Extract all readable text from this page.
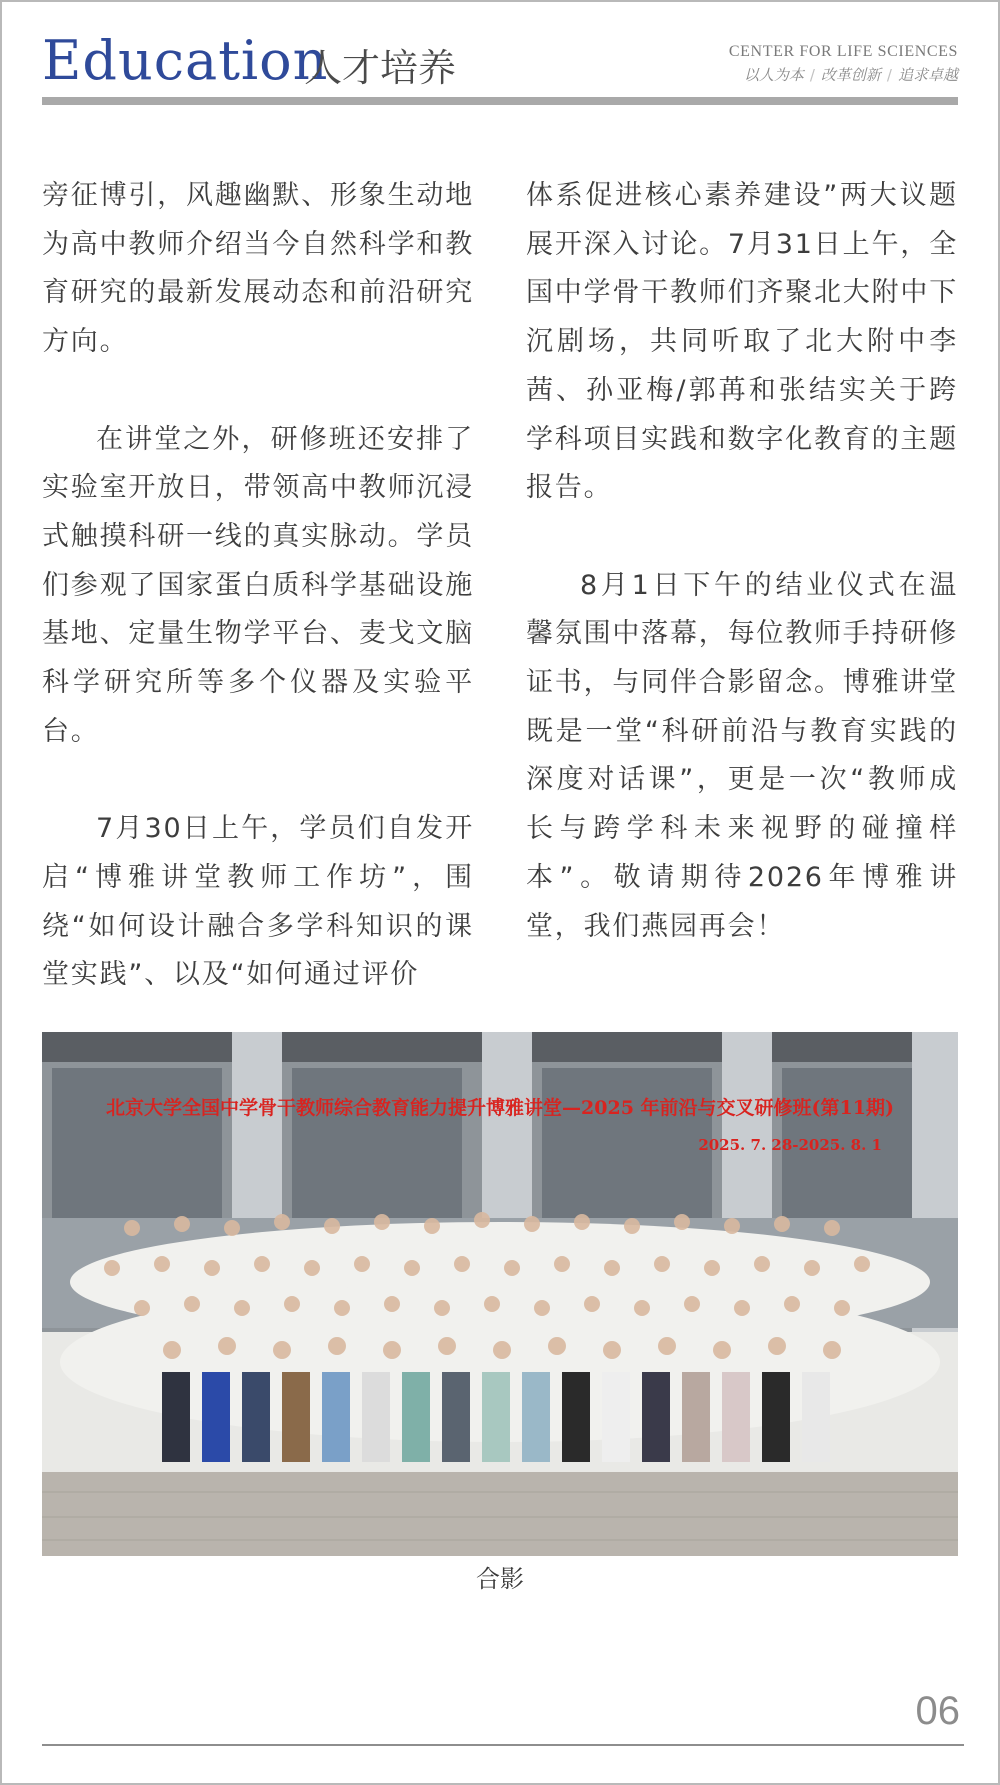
Education
人才培养	CENTER FOR LIFE SCIENCES
以人为本 / 改革创新 / 追求卓越

旁征博引，风趣幽默、形象生动地为高中教师介绍当今自然科学和教育研究的最新发展动态和前沿研究方向。

在讲堂之外，研修班还安排了实验室开放日，带领高中教师沉浸式触摸科研一线的真实脉动。学员们参观了国家蛋白质科学基础设施基地、定量生物学平台、麦戈文脑科学研究所等多个仪器及实验平台。

7月30日上午，学员们自发开启“博雅讲堂教师工作坊”，围绕“如何设计融合多学科知识的课堂实践”、以及“如何通过评价

体系促进核心素养建设”两大议题展开深入讨论。7月31日上午，全国中学骨干教师们齐聚北大附中下沉剧场，共同听取了北大附中李茜、孙亚梅/郭苒和张结实关于跨学科项目实践和数字化教育的主题报告。

8月1日下午的结业仪式在温馨氛围中落幕，每位教师手持研修证书，与同伴合影留念。博雅讲堂既是一堂“科研前沿与教育实践的深度对话课”，更是一次“教师成长与跨学科未来视野的碰撞样本”。敬请期待2026年博雅讲堂，我们燕园再会！

北京大学全国中学骨干教师综合教育能力提升博雅讲堂—2025 年前沿与交叉研修班(第11期)
2025. 7. 28-2025. 8. 1
合影
06
